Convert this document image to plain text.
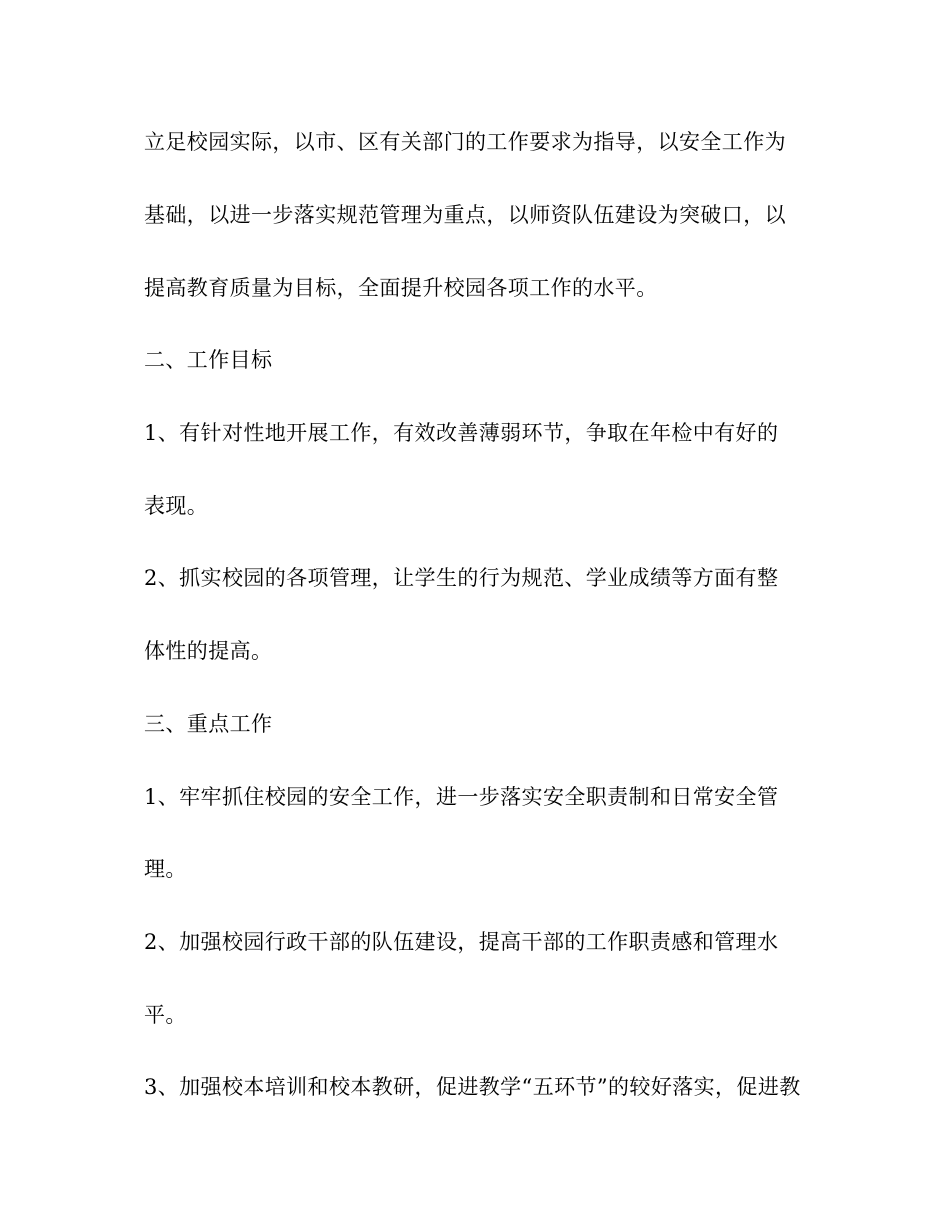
立足校园实际，以市、区有关部门的工作要求为指导，以安全工作为

基础，以进一步落实规范管理为重点，以师资队伍建设为突破口，以

提高教育质量为目标，全面提升校园各项工作的水平。

二、工作目标

1、有针对性地开展工作，有效改善薄弱环节，争取在年检中有好的

表现。

2、抓实校园的各项管理，让学生的行为规范、学业成绩等方面有整

体性的提高。

三、重点工作

1、牢牢抓住校园的安全工作，进一步落实安全职责制和日常安全管

理。

2、加强校园行政干部的队伍建设，提高干部的工作职责感和管理水

平。

3、加强校本培训和校本教研，促进教学“五环节”的较好落实，促进教
